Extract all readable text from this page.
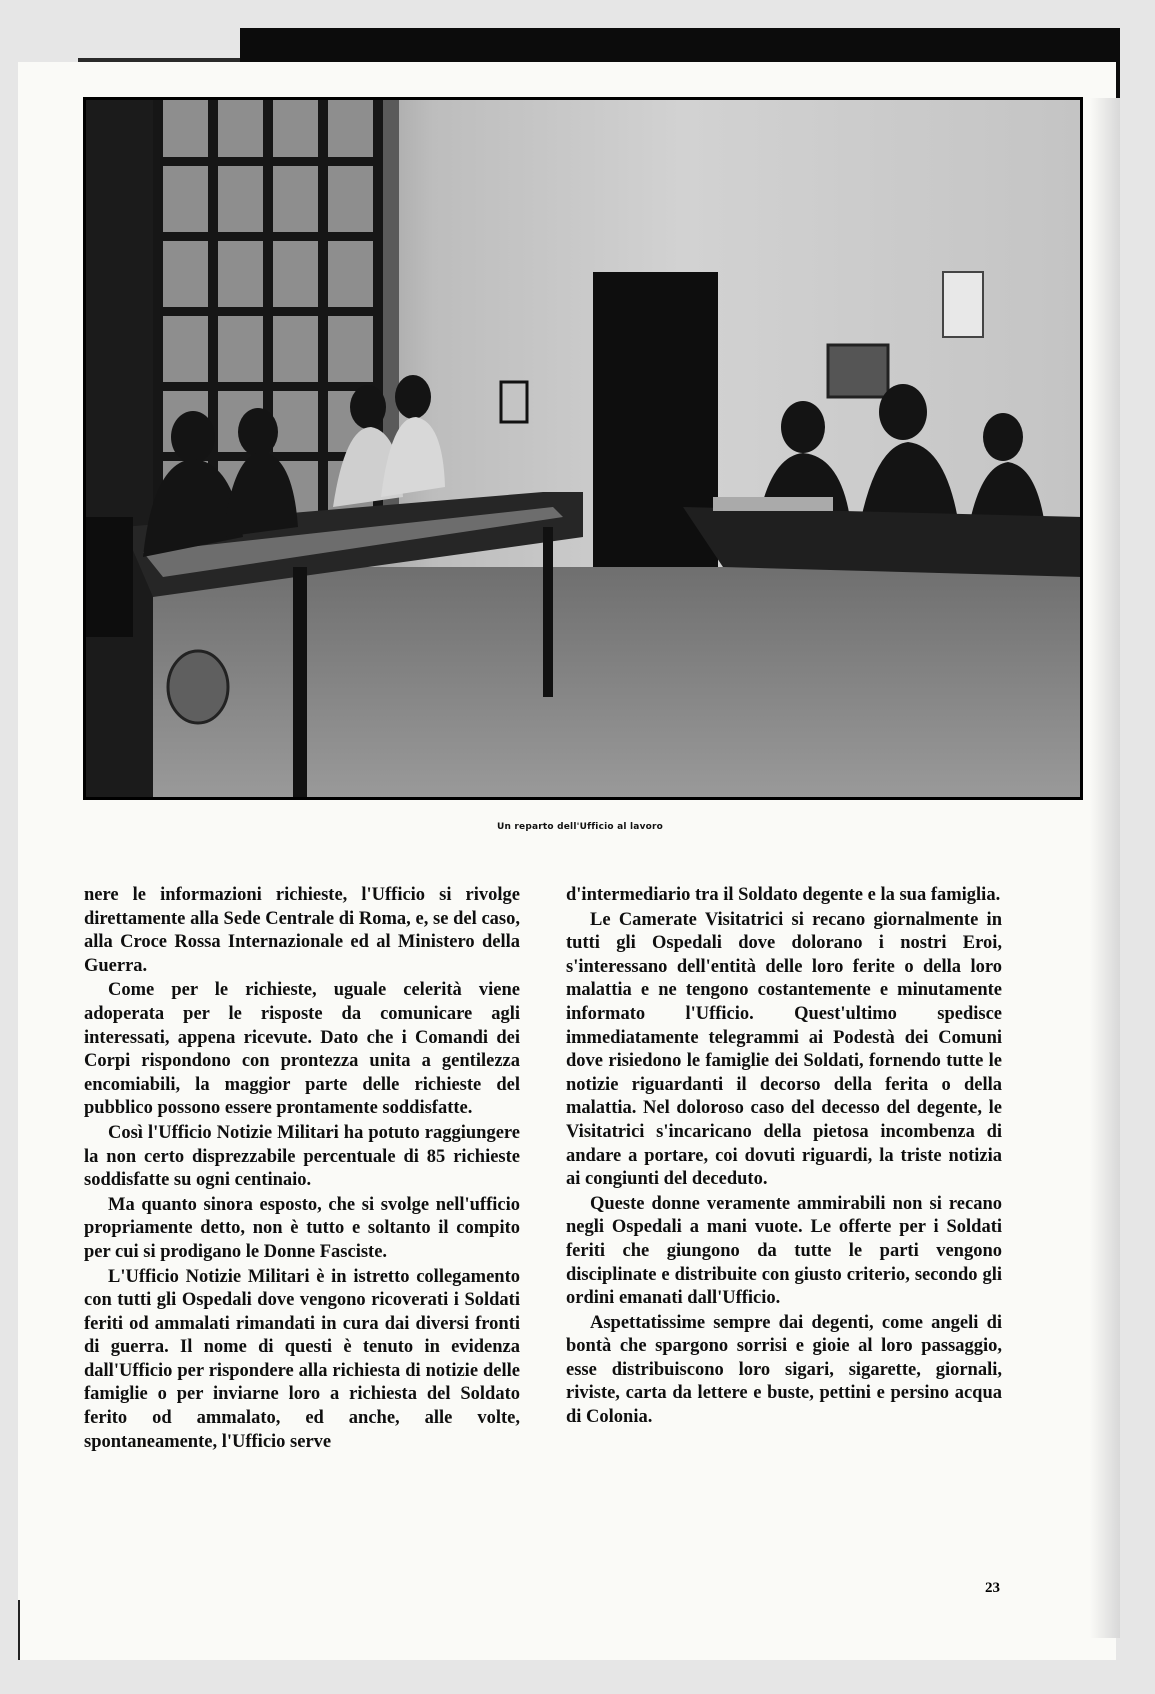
Un reparto dell'Ufficio al lavoro

nere le informazioni richieste, l'Ufficio si rivolge direttamente alla Sede Centrale di Roma, e, se del caso, alla Croce Rossa Internazionale ed al Ministero della Guerra.

Come per le richieste, uguale celerità viene adoperata per le risposte da comunicare agli interessati, appena ricevute. Dato che i Comandi dei Corpi rispondono con prontezza unita a gentilezza encomiabili, la maggior parte delle richieste del pubblico possono essere prontamente soddisfatte.

Così l'Ufficio Notizie Militari ha potuto raggiungere la non certo disprezzabile percentuale di 85 richieste soddisfatte su ogni centinaio.

Ma quanto sinora esposto, che si svolge nell'ufficio propriamente detto, non è tutto e soltanto il compito per cui si prodigano le Donne Fasciste.

L'Ufficio Notizie Militari è in istretto collegamento con tutti gli Ospedali dove vengono ricoverati i Soldati feriti od ammalati rimandati in cura dai diversi fronti di guerra. Il nome di questi è tenuto in evidenza dall'Ufficio per rispondere alla richiesta di notizie delle famiglie o per inviarne loro a richiesta del Soldato ferito od ammalato, ed anche, alle volte, spontaneamente, l'Ufficio serve

d'intermediario tra il Soldato degente e la sua famiglia.

Le Camerate Visitatrici si recano giornalmente in tutti gli Ospedali dove dolorano i nostri Eroi, s'interessano dell'entità delle loro ferite o della loro malattia e ne tengono costantemente e minutamente informato l'Ufficio. Quest'ultimo spedisce immediatamente telegrammi ai Podestà dei Comuni dove risiedono le famiglie dei Soldati, fornendo tutte le notizie riguardanti il decorso della ferita o della malattia. Nel doloroso caso del decesso del degente, le Visitatrici s'incaricano della pietosa incombenza di andare a portare, coi dovuti riguardi, la triste notizia ai congiunti del deceduto.

Queste donne veramente ammirabili non si recano negli Ospedali a mani vuote. Le offerte per i Soldati feriti che giungono da tutte le parti vengono disciplinate e distribuite con giusto criterio, secondo gli ordini emanati dall'Ufficio.

Aspettatissime sempre dai degenti, come angeli di bontà che spargono sorrisi e gioie al loro passaggio, esse distribuiscono loro sigari, sigarette, giornali, riviste, carta da lettere e buste, pettini e persino acqua di Colonia.

23
